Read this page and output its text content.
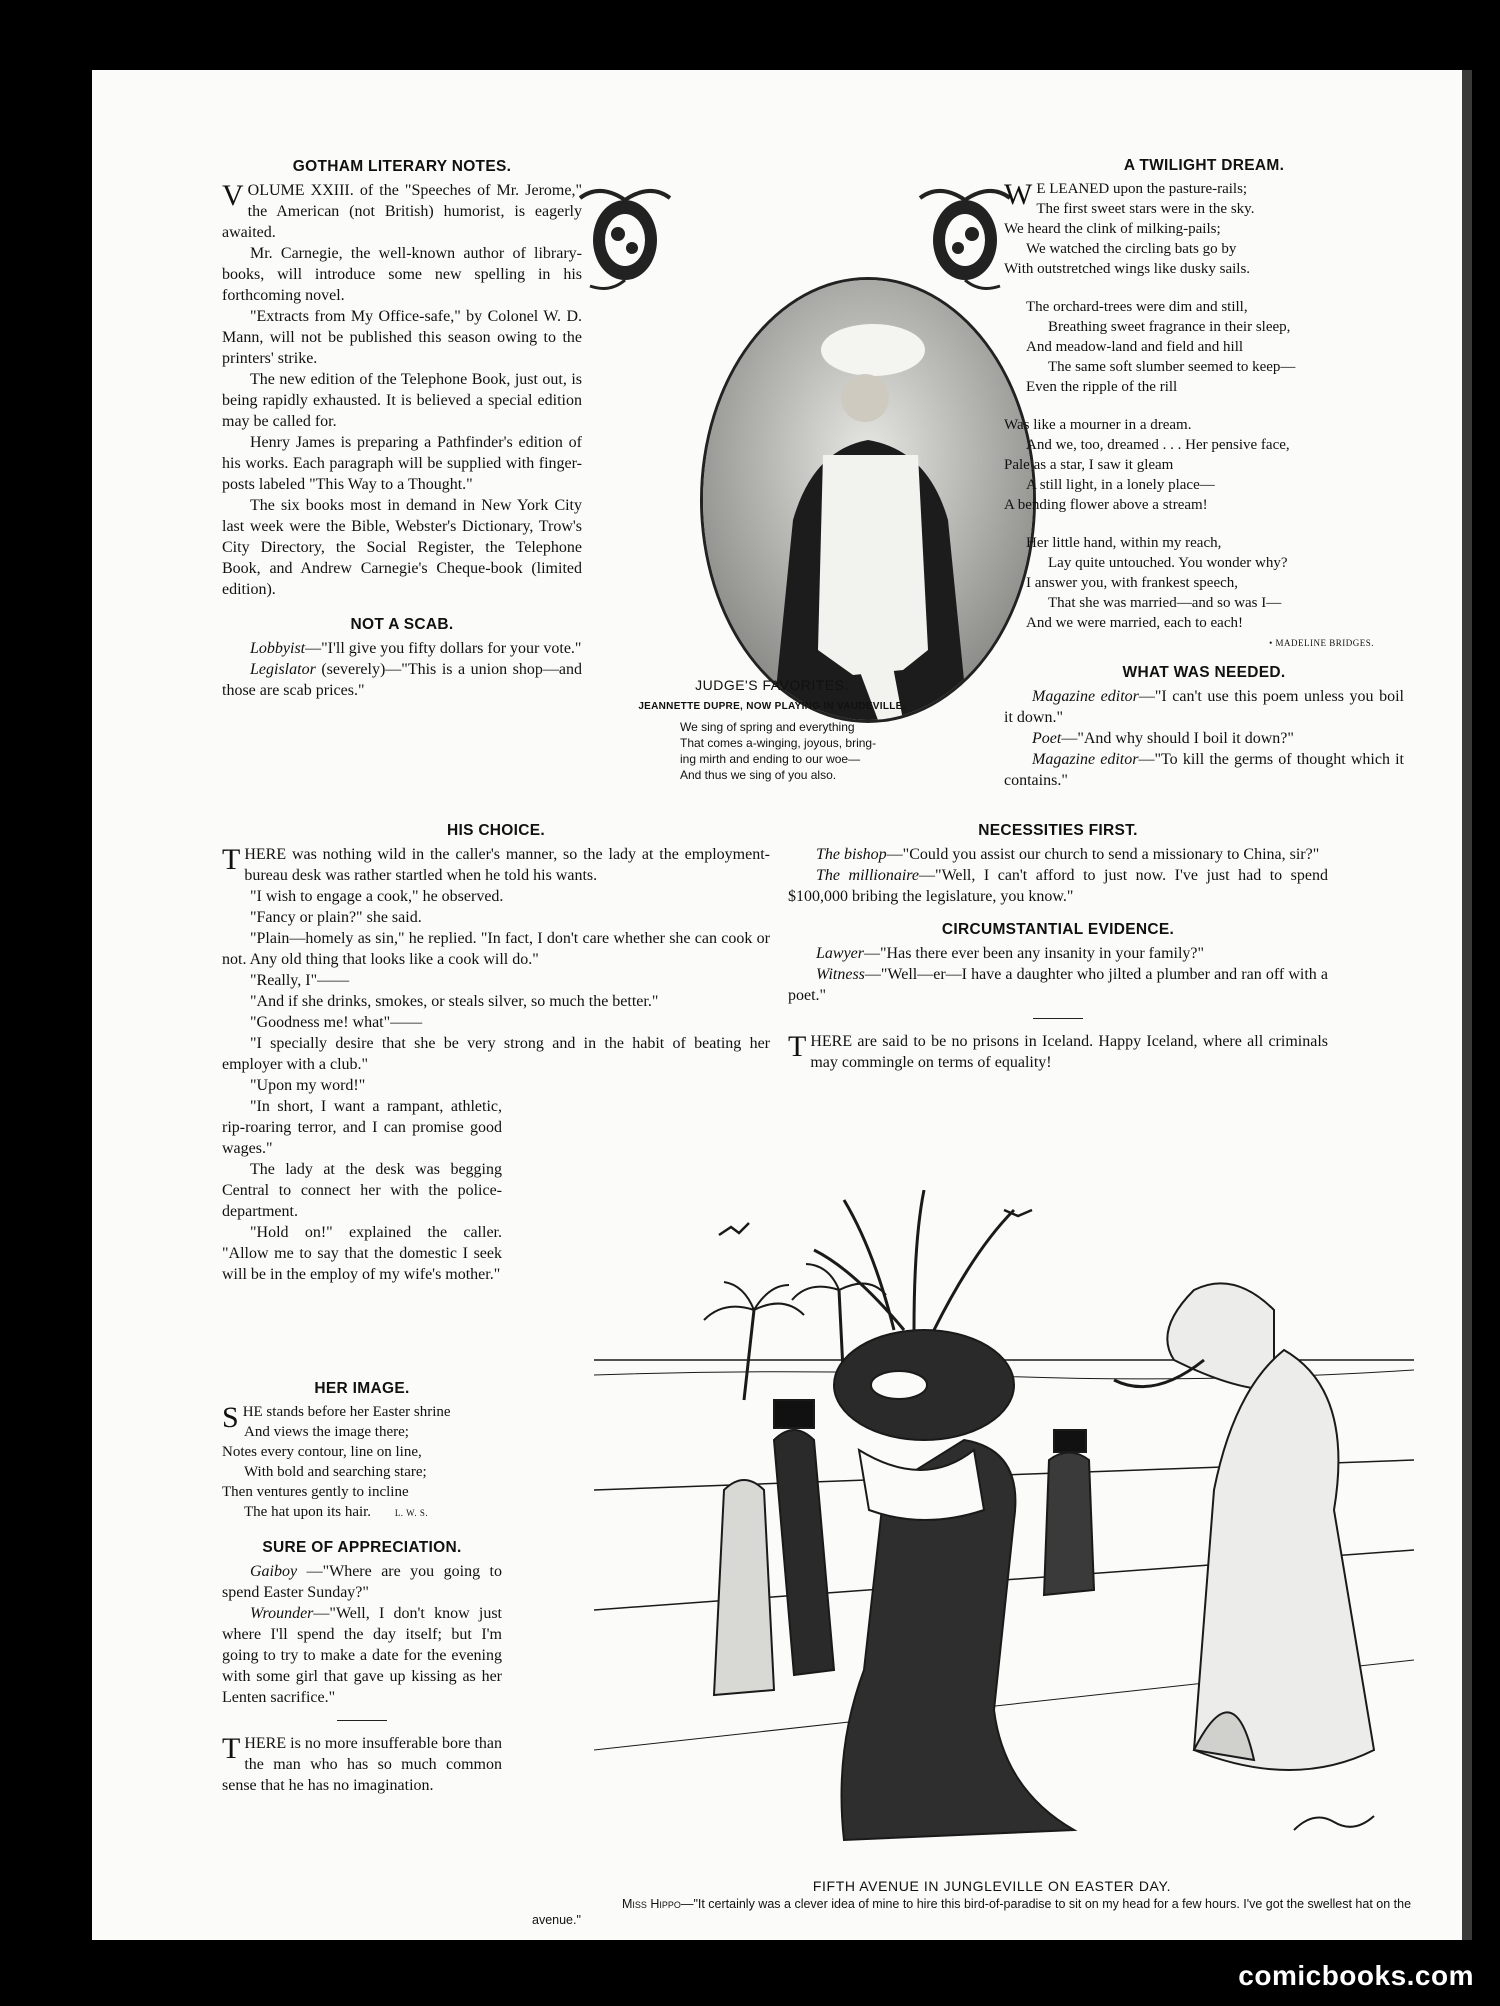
GOTHAM LITERARY NOTES.

VOLUME XXIII. of the "Speeches of Mr. Jerome," the American (not British) humorist, is eagerly awaited.

Mr. Carnegie, the well-known author of library-books, will introduce some new spelling in his forthcoming novel.

"Extracts from My Office-safe," by Colonel W. D. Mann, will not be published this season owing to the printers' strike.

The new edition of the Telephone Book, just out, is being rapidly exhausted. It is believed a special edition may be called for.

Henry James is preparing a Pathfinder's edition of his works. Each paragraph will be supplied with finger-posts labeled "This Way to a Thought."

The six books most in demand in New York City last week were the Bible, Webster's Dictionary, Trow's City Directory, the Social Register, the Telephone Book, and Andrew Carnegie's Cheque-book (limited edition).

NOT A SCAB.

Lobbyist—"I'll give you fifty dollars for your vote."

Legislator (severely)—"This is a union shop—and those are scab prices."	JUDGE'S FAVORITES.
JEANNETTE DUPRE, NOW PLAYING IN VAUDEVILLE.
We sing of spring and everything
That comes a-winging, joyous, bring-
ing mirth and ending to our woe—
And thus we sing of you also.
A TWILIGHT DREAM.
W E LEANED upon the pasture-rails;
The first sweet stars were in the sky.
We heard the clink of milking-pails;
We watched the circling bats go by
With outstretched wings like dusky sails.
The orchard-trees were dim and still,
Breathing sweet fragrance in their sleep,
And meadow-land and field and hill
The same soft slumber seemed to keep—
Even the ripple of the rill
Was like a mourner in a dream.
And we, too, dreamed . . . Her pensive face,
Pale as a star, I saw it gleam
A still light, in a lonely place—
A bending flower above a stream!
Her little hand, within my reach,
Lay quite untouched. You wonder why?
I answer you, with frankest speech,
That she was married—and so was I—
And we were married, each to each!
• MADELINE BRIDGES.
WHAT WAS NEEDED.

Magazine editor—"I can't use this poem unless you boil it down."

Poet—"And why should I boil it down?"

Magazine editor—"To kill the germs of thought which it contains."

HIS CHOICE.

THERE was nothing wild in the caller's manner, so the lady at the employment-bureau desk was rather startled when he told his wants.

"I wish to engage a cook," he observed.

"Fancy or plain?" she said.

"Plain—homely as sin," he replied. "In fact, I don't care whether she can cook or not. Any old thing that looks like a cook will do."

"Really, I"——

"And if she drinks, smokes, or steals silver, so much the better."

"Goodness me! what"——

"I specially desire that she be very strong and in the habit of beating her employer with a club."

"Upon my word!"

"In short, I want a rampant, athletic, rip-roaring terror, and I can promise good wages."

The lady at the desk was begging Central to connect her with the police-department.

"Hold on!" explained the caller. "Allow me to say that the domestic I seek will be in the employ of my wife's mother."

NECESSITIES FIRST.

The bishop—"Could you assist our church to send a missionary to China, sir?"

The millionaire—"Well, I can't afford to just now. I've just had to spend $100,000 bribing the legislature, you know."

CIRCUMSTANTIAL EVIDENCE.

Lawyer—"Has there ever been any insanity in your family?"

Witness—"Well—er—I have a daughter who jilted a plumber and ran off with a poet."

THERE are said to be no prisons in Iceland. Happy Iceland, where all criminals may commingle on terms of equality!

HER IMAGE.
SHE stands before her Easter shrine
And views the image there;
Notes every contour, line on line,
With bold and searching stare;
Then ventures gently to incline
The hat upon its hair.	L. W. S.
SURE OF APPRECIATION.

Gaiboy —"Where are you going to spend Easter Sunday?"

Wrounder—"Well, I don't know just where I'll spend the day itself; but I'm going to try to make a date for the evening with some girl that gave up kissing as her Lenten sacrifice."

THERE is no more insufferable bore than the man who has so much common sense that he has no imagination.

FIFTH AVENUE IN JUNGLEVILLE ON EASTER DAY.
Miss Hippo—"It certainly was a clever idea of mine to hire this bird-of-paradise to sit on my head for a few hours. I've got the swellest hat on the avenue."
comicbooks.com
